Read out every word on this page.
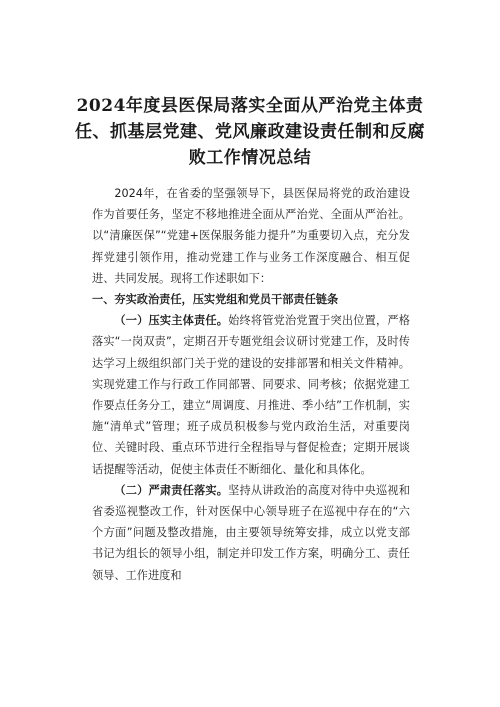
2024年度县医保局落实全面从严治党主体责任、抓基层党建、党风廉政建设责任制和反腐败工作情况总结

2024年，在省委的坚强领导下，县医保局将党的政治建设作为首要任务，坚定不移地推进全面从严治党、全面从严治社。以“清廉医保”“党建+医保服务能力提升”为重要切入点，充分发挥党建引领作用，推动党建工作与业务工作深度融合、相互促进、共同发展。现将工作述职如下：

一、夯实政治责任，压实党组和党员干部责任链条

（一）压实主体责任。始终将管党治党置于突出位置，严格落实“一岗双责”，定期召开专题党组会议研讨党建工作，及时传达学习上级组织部门关于党的建设的安排部署和相关文件精神。实现党建工作与行政工作同部署、同要求、同考核；依据党建工作要点任务分工，建立“周调度、月推进、季小结”工作机制，实施“清单式”管理；班子成员积极参与党内政治生活，对重要岗位、关键时段、重点环节进行全程指导与督促检查；定期开展谈话提醒等活动，促使主体责任不断细化、量化和具体化。

（二）严肃责任落实。坚持从讲政治的高度对待中央巡视和省委巡视整改工作，针对医保中心领导班子在巡视中存在的“六个方面”问题及整改措施，由主要领导统筹安排，成立以党支部书记为组长的领导小组，制定并印发工作方案，明确分工、责任领导、工作进度和
